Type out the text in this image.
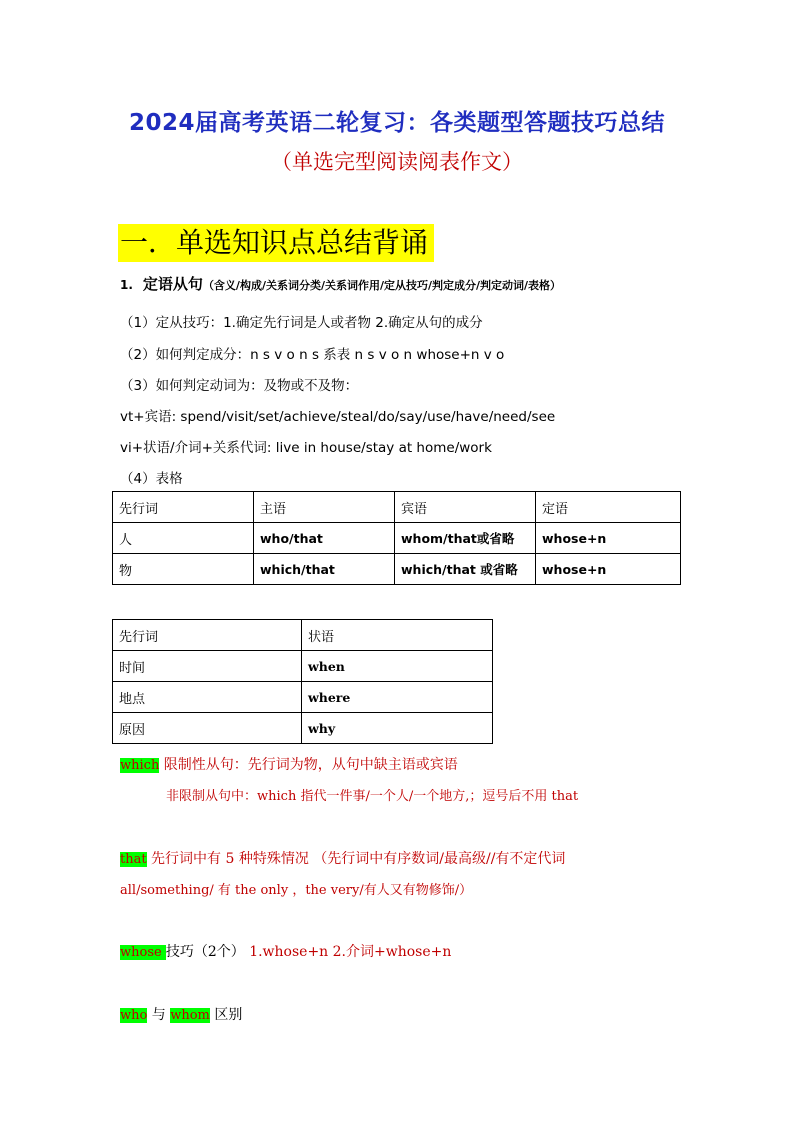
2024届高考英语二轮复习：各类题型答题技巧总结
（单选完型阅读阅表作文）
一．单选知识点总结背诵
1. 定语从句（含义/构成/关系词分类/关系词作用/定从技巧/判定成分/判定动词/表格）
（1）定从技巧：1.确定先行词是人或者物 2.确定从句的成分
（2）如何判定成分：n s v o n s 系表 n s v o n whose+n v o
（3）如何判定动词为：及物或不及物：
vt+宾语: spend/visit/set/achieve/steal/do/say/use/have/need/see
vi+状语/介词+关系代词: live in house/stay at home/work
（4）表格
先行词	主语	宾语	定语
人	who/that	whom/that或省略	whose+n
物	which/that	which/that 或省略	whose+n
先行词	状语
时间	when
地点	where
原因	why
which 限制性从句：先行词为物，从句中缺主语或宾语
非限制从句中：which 指代一件事/一个人/一个地方,；逗号后不用 that
that 先行词中有 5 种特殊情况 （先行词中有序数词/最高级//有不定代词
all/something/ 有 the only ，the very/有人又有物修饰/）
whose 技巧（2个） 1.whose+n 2.介词+whose+n
who 与 whom 区别
